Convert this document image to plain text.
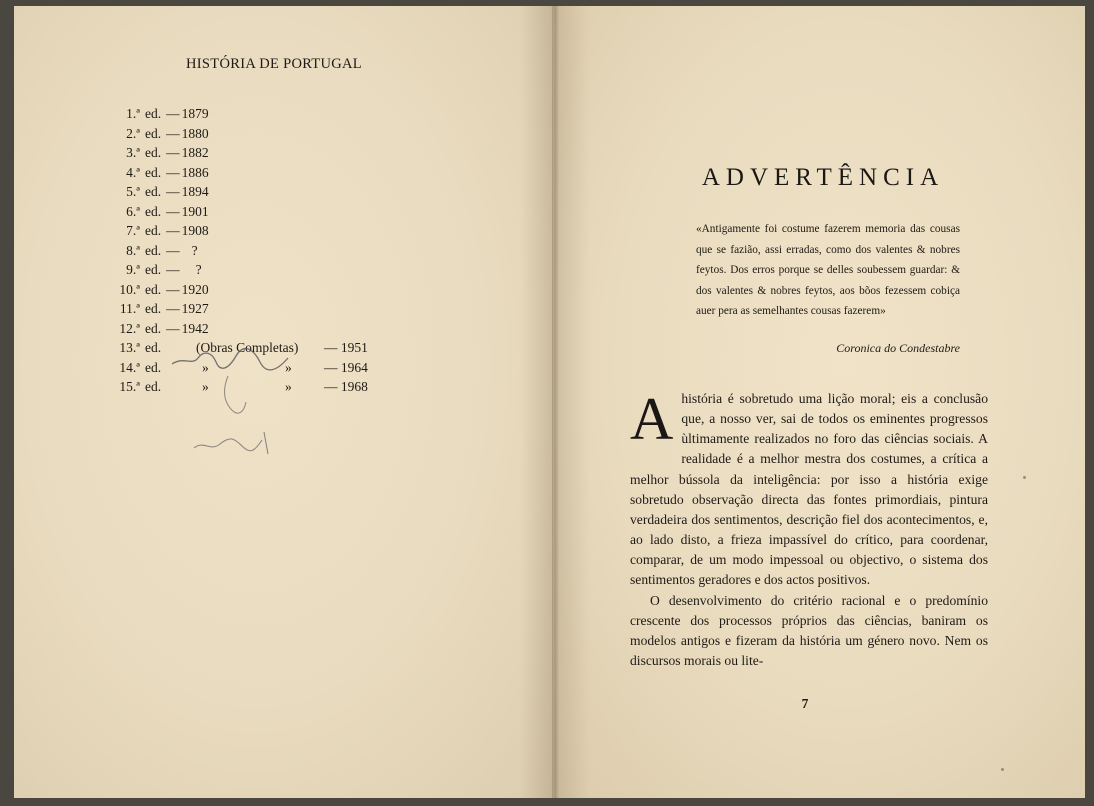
HISTÓRIA DE PORTUGAL
1.ª ed. — 1879
2.ª ed. — 1880
3.ª ed. — 1882
4.ª ed. — 1886
5.ª ed. — 1894
6.ª ed. — 1901
7.ª ed. — 1908
8.ª ed. — ?
9.ª ed. — ?
10.ª ed. — 1920
11.ª ed. — 1927
12.ª ed. — 1942
13.ª ed.	(Obras Completas) — 1951
14.ª ed.	»	» — 1964
15.ª ed.	»	» — 1968
ADVERTÊNCIA
«Antigamente foi costume fazerem memoria das cousas que se fazião, assi erradas, como dos valentes & nobres feytos. Dos erros porque se delles soubessem guardar: & dos valentes & nobres feytos, aos bõos fezessem cobiça auer pera as semelhantes cousas fazerem»
Coronica do Condestabre

Ahistória é sobretudo uma lição moral; eis a conclusão que, a nosso ver, sai de todos os eminentes progressos ùltimamente realizados no foro das ciências sociais. A realidade é a melhor mestra dos costumes, a crítica a melhor bússola da inteligência: por isso a história exige sobretudo observação directa das fontes primordiais, pintura verdadeira dos sentimentos, descrição fiel dos acontecimentos, e, ao lado disto, a frieza impassível do crítico, para coordenar, comparar, de um modo impessoal ou objectivo, o sistema dos sentimentos geradores e dos actos positivos.

O desenvolvimento do critério racional e o predomínio crescente dos processos próprios das ciências, baniram os modelos antigos e fizeram da história um género novo. Nem os discursos morais ou lite-

7
